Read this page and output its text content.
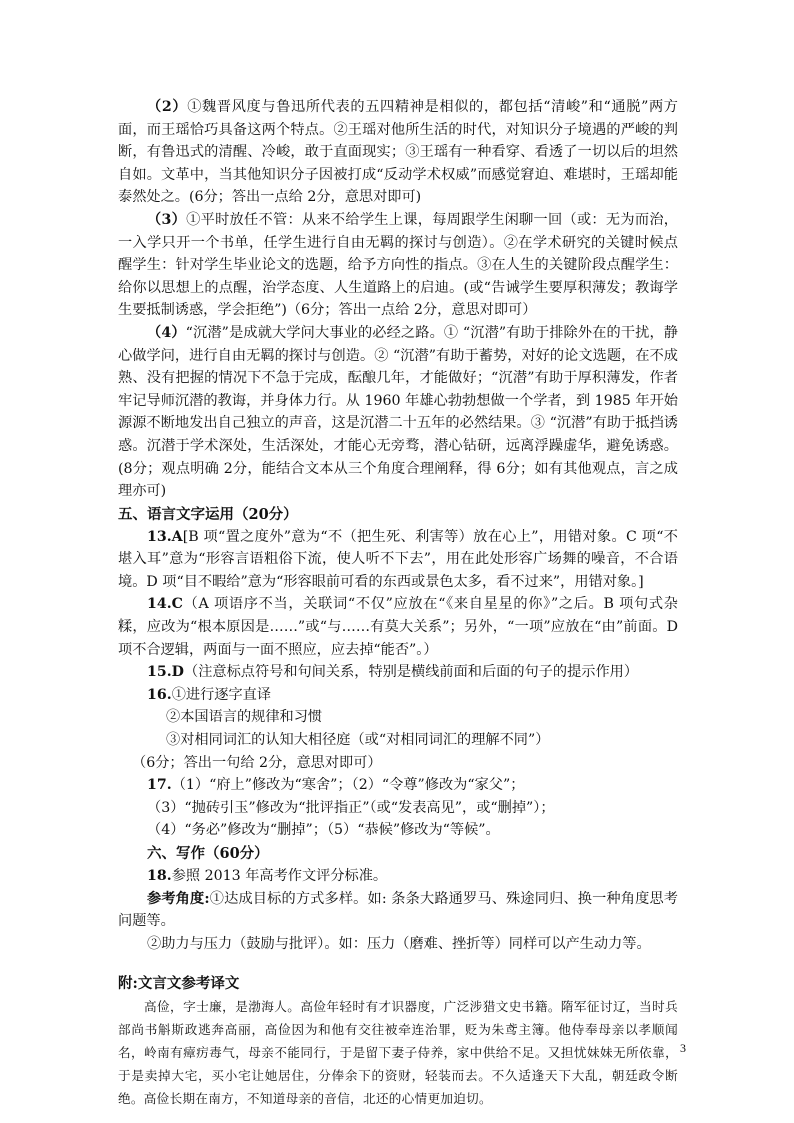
（2）①魏晋风度与鲁迅所代表的五四精神是相似的，都包括“清峻”和“通脱”两方面，而王瑶恰巧具备这两个特点。②王瑶对他所生活的时代，对知识分子境遇的严峻的判断，有鲁迅式的清醒、冷峻，敢于直面现实；③王瑶有一种看穿、看透了一切以后的坦然自如。文革中，当其他知识分子因被打成“反动学术权威”而感觉窘迫、难堪时，王瑶却能泰然处之。(6分；答出一点给 2分，意思对即可)

（3）①平时放任不管：从来不给学生上课，每周跟学生闲聊一回（或：无为而治，一入学只开一个书单，任学生进行自由无羁的探讨与创造）。②在学术研究的关键时候点醒学生：针对学生毕业论文的选题，给予方向性的指点。③在人生的关键阶段点醒学生：给你以思想上的点醒，治学态度、人生道路上的启迪。(或“告诫学生要厚积薄发；教诲学生要抵制诱惑，学会拒绝”)（6分；答出一点给 2分，意思对即可）

（4）“沉潜”是成就大学问大事业的必经之路。① “沉潜”有助于排除外在的干扰，静心做学问，进行自由无羁的探讨与创造。② “沉潜”有助于蓄势，对好的论文选题，在不成熟、没有把握的情况下不急于完成，酝酿几年，才能做好；“沉潜”有助于厚积薄发，作者牢记导师沉潜的教诲，并身体力行。从 1960 年雄心勃勃想做一个学者，到 1985 年开始源源不断地发出自己独立的声音，这是沉潜二十五年的必然结果。③ “沉潜”有助于抵挡诱惑。沉潜于学术深处，生活深处，才能心无旁骛，潜心钻研，远离浮躁虚华，避免诱惑。(8分；观点明确 2分，能结合文本从三个角度合理阐释，得 6分；如有其他观点，言之成理亦可)

五、语言文字运用（20分）

13.A[B 项“置之度外”意为“不（把生死、利害等）放在心上”，用错对象。C 项“不堪入耳”意为“形容言语粗俗下流，使人听不下去”，用在此处形容广场舞的噪音，不合语境。D 项“目不暇给”意为“形容眼前可看的东西或景色太多，看不过来”，用错对象。]

14.C（A 项语序不当，关联词“不仅”应放在“《来自星星的你》”之后。B 项句式杂糅，应改为“根本原因是……”或“与……有莫大关系”；另外，“一项”应放在“由”前面。D 项不合逻辑，两面与一面不照应，应去掉“能否”。）

15.D（注意标点符号和句间关系，特别是横线前面和后面的句子的提示作用）

16.①进行逐字直译

②本国语言的规律和习惯

③对相同词汇的认知大相径庭（或“对相同词汇的理解不同”）

（6分；答出一句给 2分，意思对即可）

17.（1）“府上”修改为“寒舍”；（2）“令尊”修改为“家父”；

（3）“抛砖引玉”修改为“批评指正”（或“发表高见”，或“删掉”）；

（4）“务必”修改为“删掉”；（5）“恭候”修改为“等候”。

六、写作（60分）

18.参照 2013 年高考作文评分标准。

参考角度:①达成目标的方式多样。如: 条条大路通罗马、殊途同归、换一种角度思考问题等。

②助力与压力（鼓励与批评）。如：压力（磨难、挫折等）同样可以产生动力等。

附:文言文参考译文

高俭，字士廉，是渤海人。高俭年轻时有才识器度，广泛涉猎文史书籍。隋军征讨辽，当时兵部尚书斛斯政逃奔高丽，高俭因为和他有交往被牵连治罪，贬为朱鸢主簿。他侍奉母亲以孝顺闻名，岭南有瘴疠毒气，母亲不能同行，于是留下妻子侍养，家中供给不足。又担忧妹妹无所依靠，于是卖掉大宅，买小宅让她居住，分俸余下的资财，轻装而去。不久适逢天下大乱，朝廷政令断绝。高俭长期在南方，不知道母亲的音信，北还的心情更加迫切。

3
